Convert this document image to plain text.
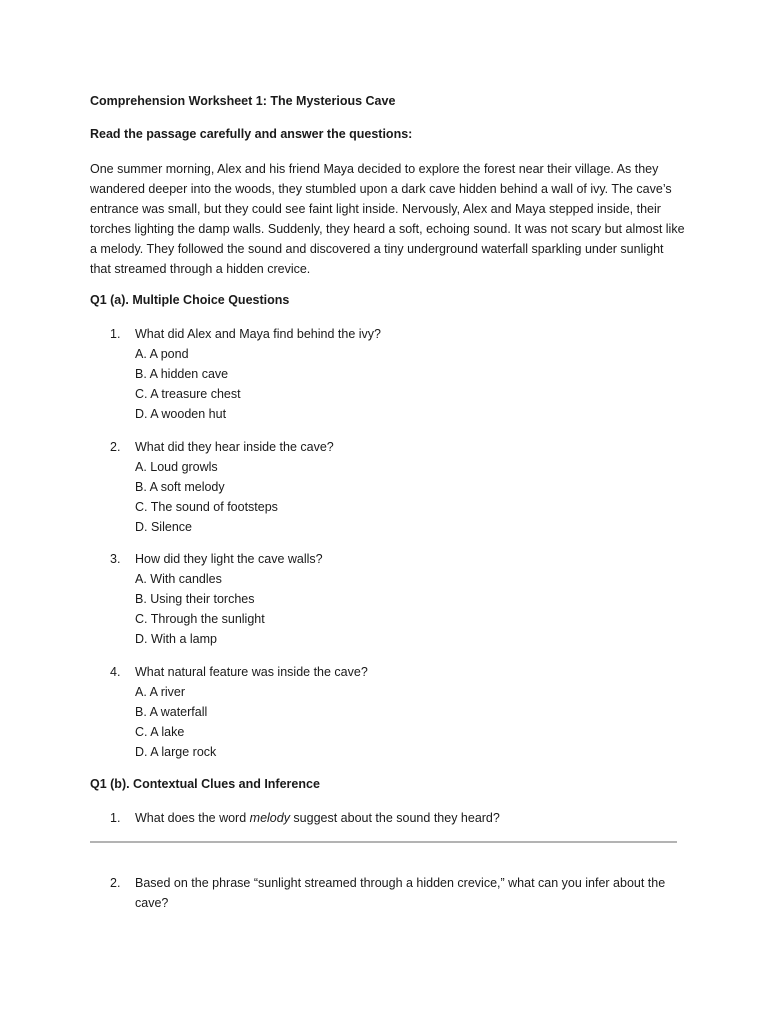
Comprehension Worksheet 1: The Mysterious Cave
Read the passage carefully and answer the questions:

One summer morning, Alex and his friend Maya decided to explore the forest near their village. As they wandered deeper into the woods, they stumbled upon a dark cave hidden behind a wall of ivy. The cave’s entrance was small, but they could see faint light inside. Nervously, Alex and Maya stepped inside, their torches lighting the damp walls. Suddenly, they heard a soft, echoing sound. It was not scary but almost like a melody. They followed the sound and discovered a tiny underground waterfall sparkling under sunlight that streamed through a hidden crevice.

Q1 (a). Multiple Choice Questions
1.	What did Alex and Maya find behind the ivy?
A. A pond
B. A hidden cave
C. A treasure chest
D. A wooden hut
2.	What did they hear inside the cave?
A. Loud growls
B. A soft melody
C. The sound of footsteps
D. Silence
3.	How did they light the cave walls?
A. With candles
B. Using their torches
C. Through the sunlight
D. With a lamp
4.	What natural feature was inside the cave?
A. A river
B. A waterfall
C. A lake
D. A large rock
Q1 (b). Contextual Clues and Inference
1.	What does the word melody suggest about the sound they heard?
2.	Based on the phrase “sunlight streamed through a hidden crevice,” what can you infer about the cave?
